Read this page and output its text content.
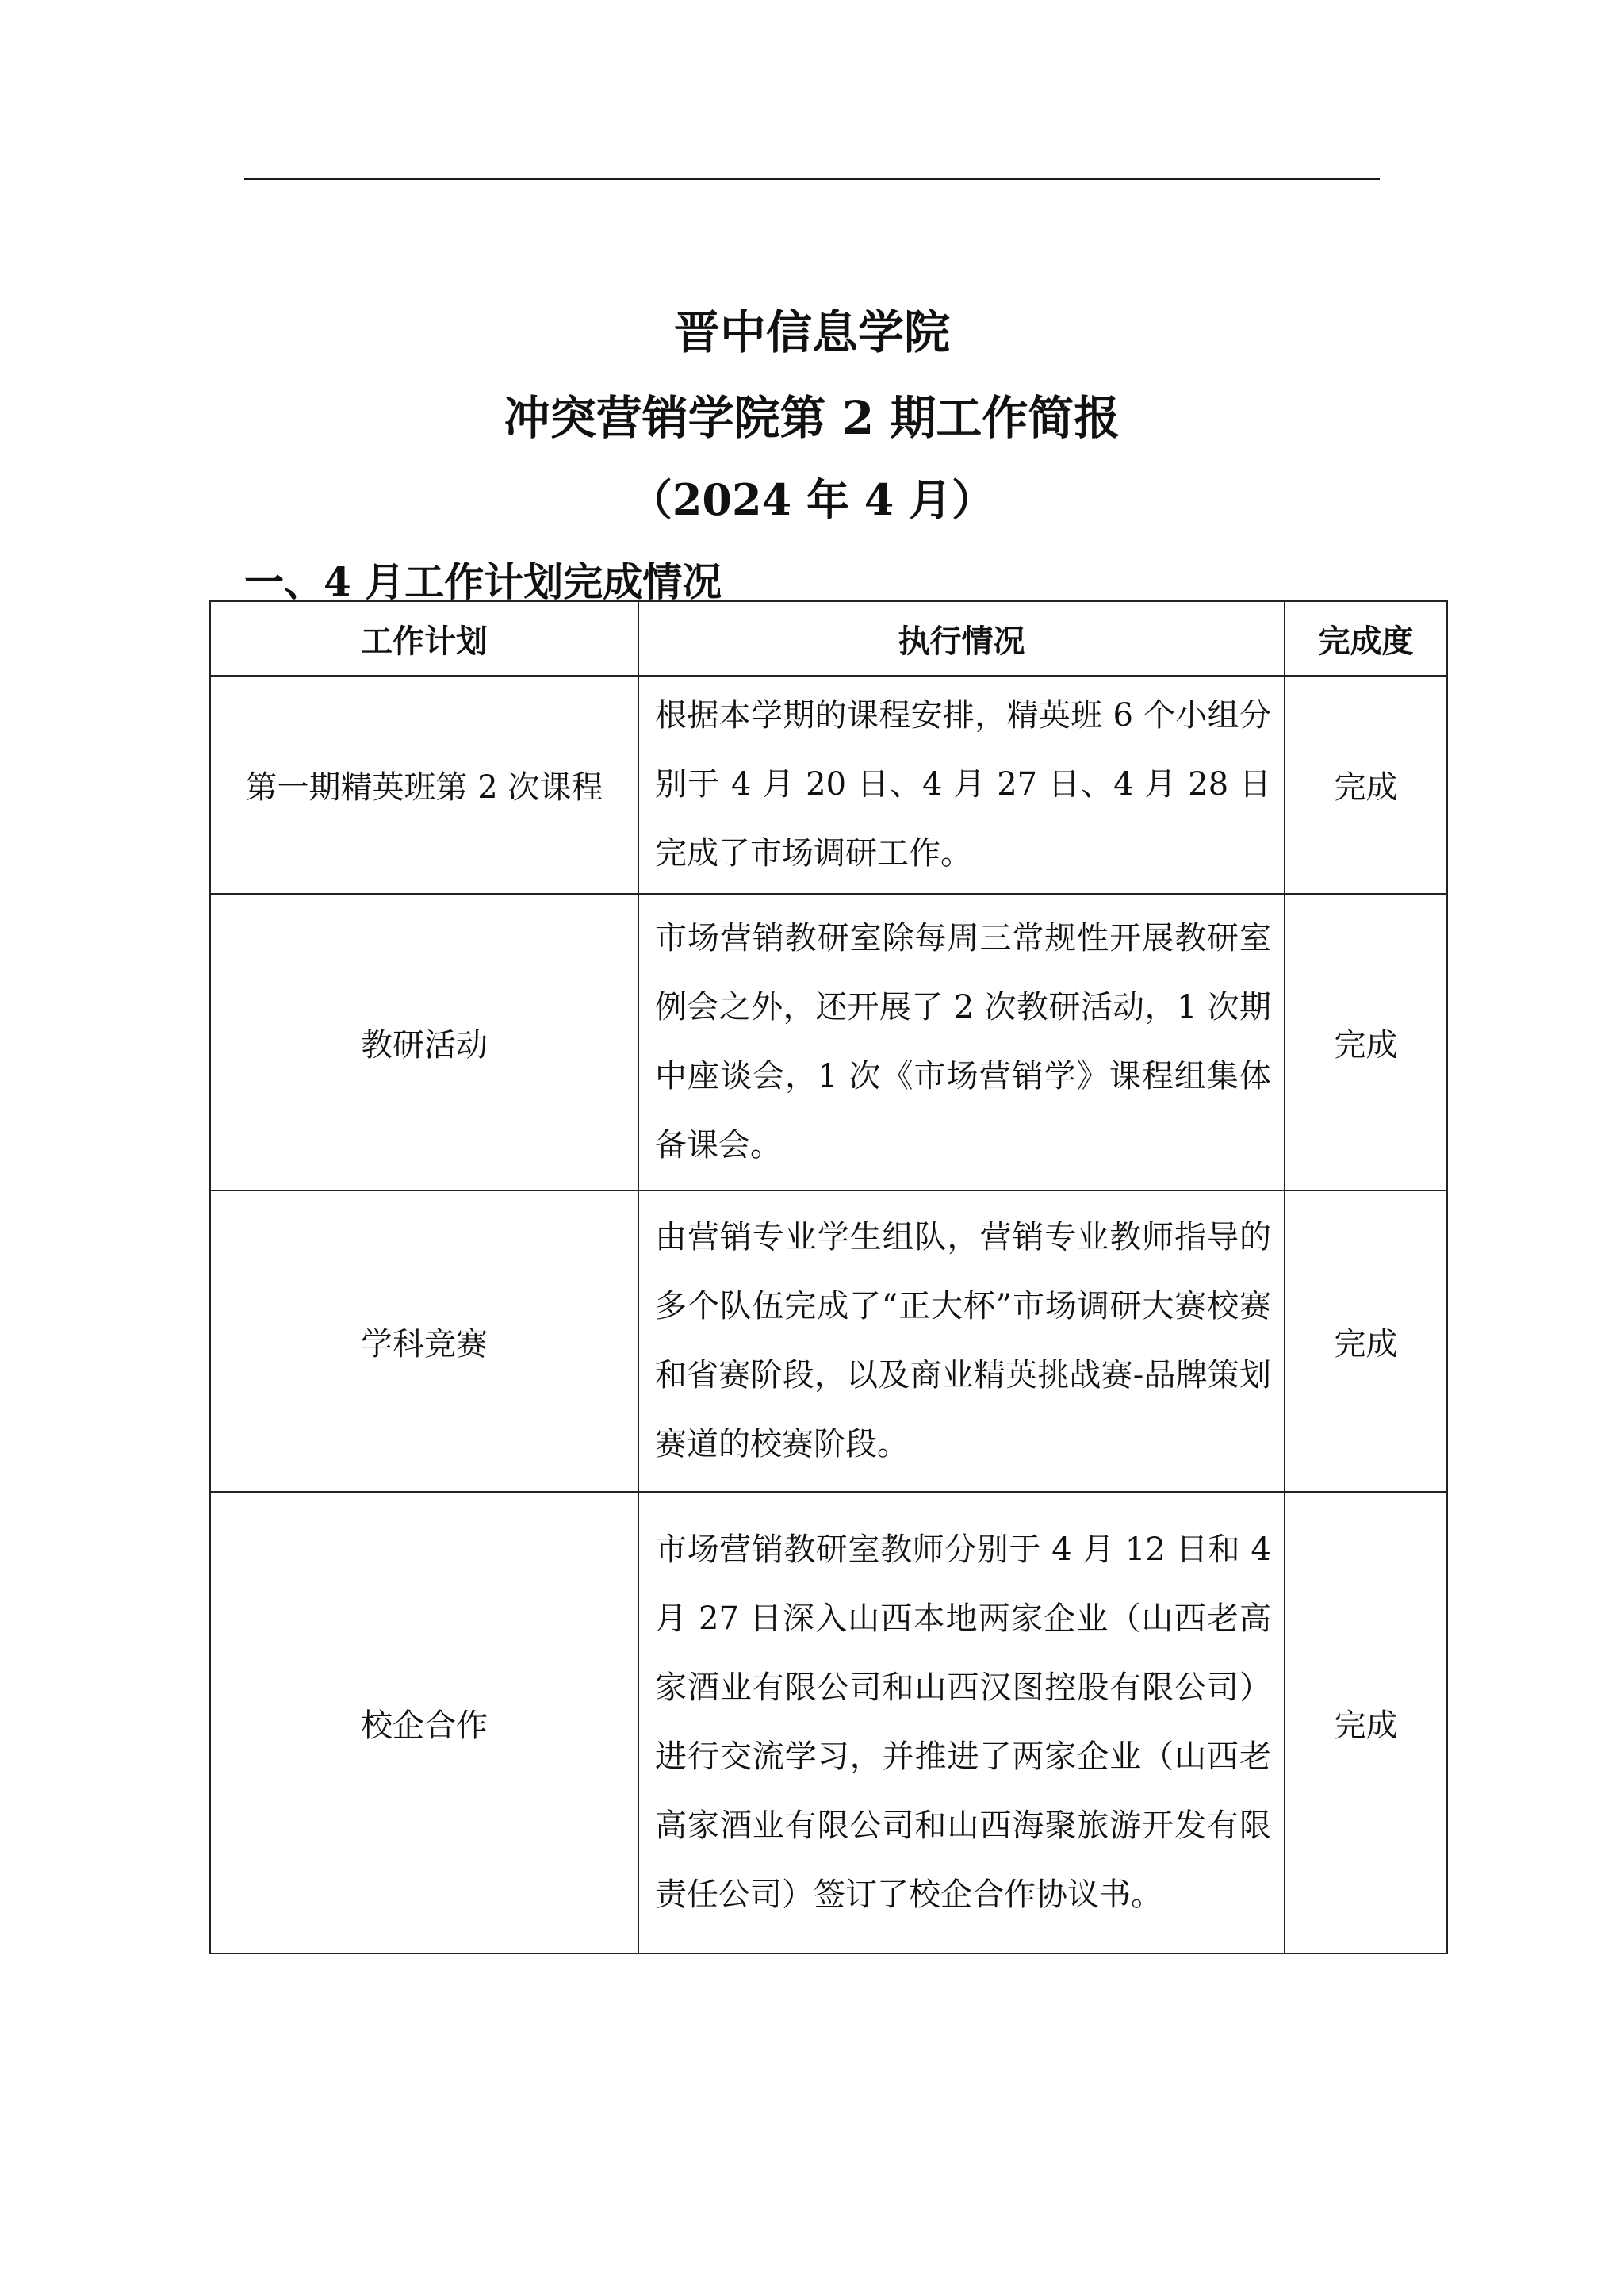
晋中信息学院
冲突营销学院第 2 期工作简报
（2024 年 4 月）
一、4 月工作计划完成情况
工作计划	执行情况	完成度
第一期精英班第 2 次课程	根据本学期的课程安排，精英班 6 个小组分别于 4 月 20 日、4 月 27 日、4 月 28 日完成了市场调研工作。	完成
教研活动	市场营销教研室除每周三常规性开展教研室例会之外，还开展了 2 次教研活动，1 次期中座谈会，1 次《市场营销学》课程组集体备课会。	完成
学科竞赛	由营销专业学生组队，营销专业教师指导的多个队伍完成了“正大杯”市场调研大赛校赛和省赛阶段，以及商业精英挑战赛-品牌策划赛道的校赛阶段。	完成
校企合作	市场营销教研室教师分别于 4 月 12 日和 4 月 27 日深入山西本地两家企业（山西老高家酒业有限公司和山西汉图控股有限公司）进行交流学习，并推进了两家企业（山西老高家酒业有限公司和山西海聚旅游开发有限责任公司）签订了校企合作协议书。	完成
